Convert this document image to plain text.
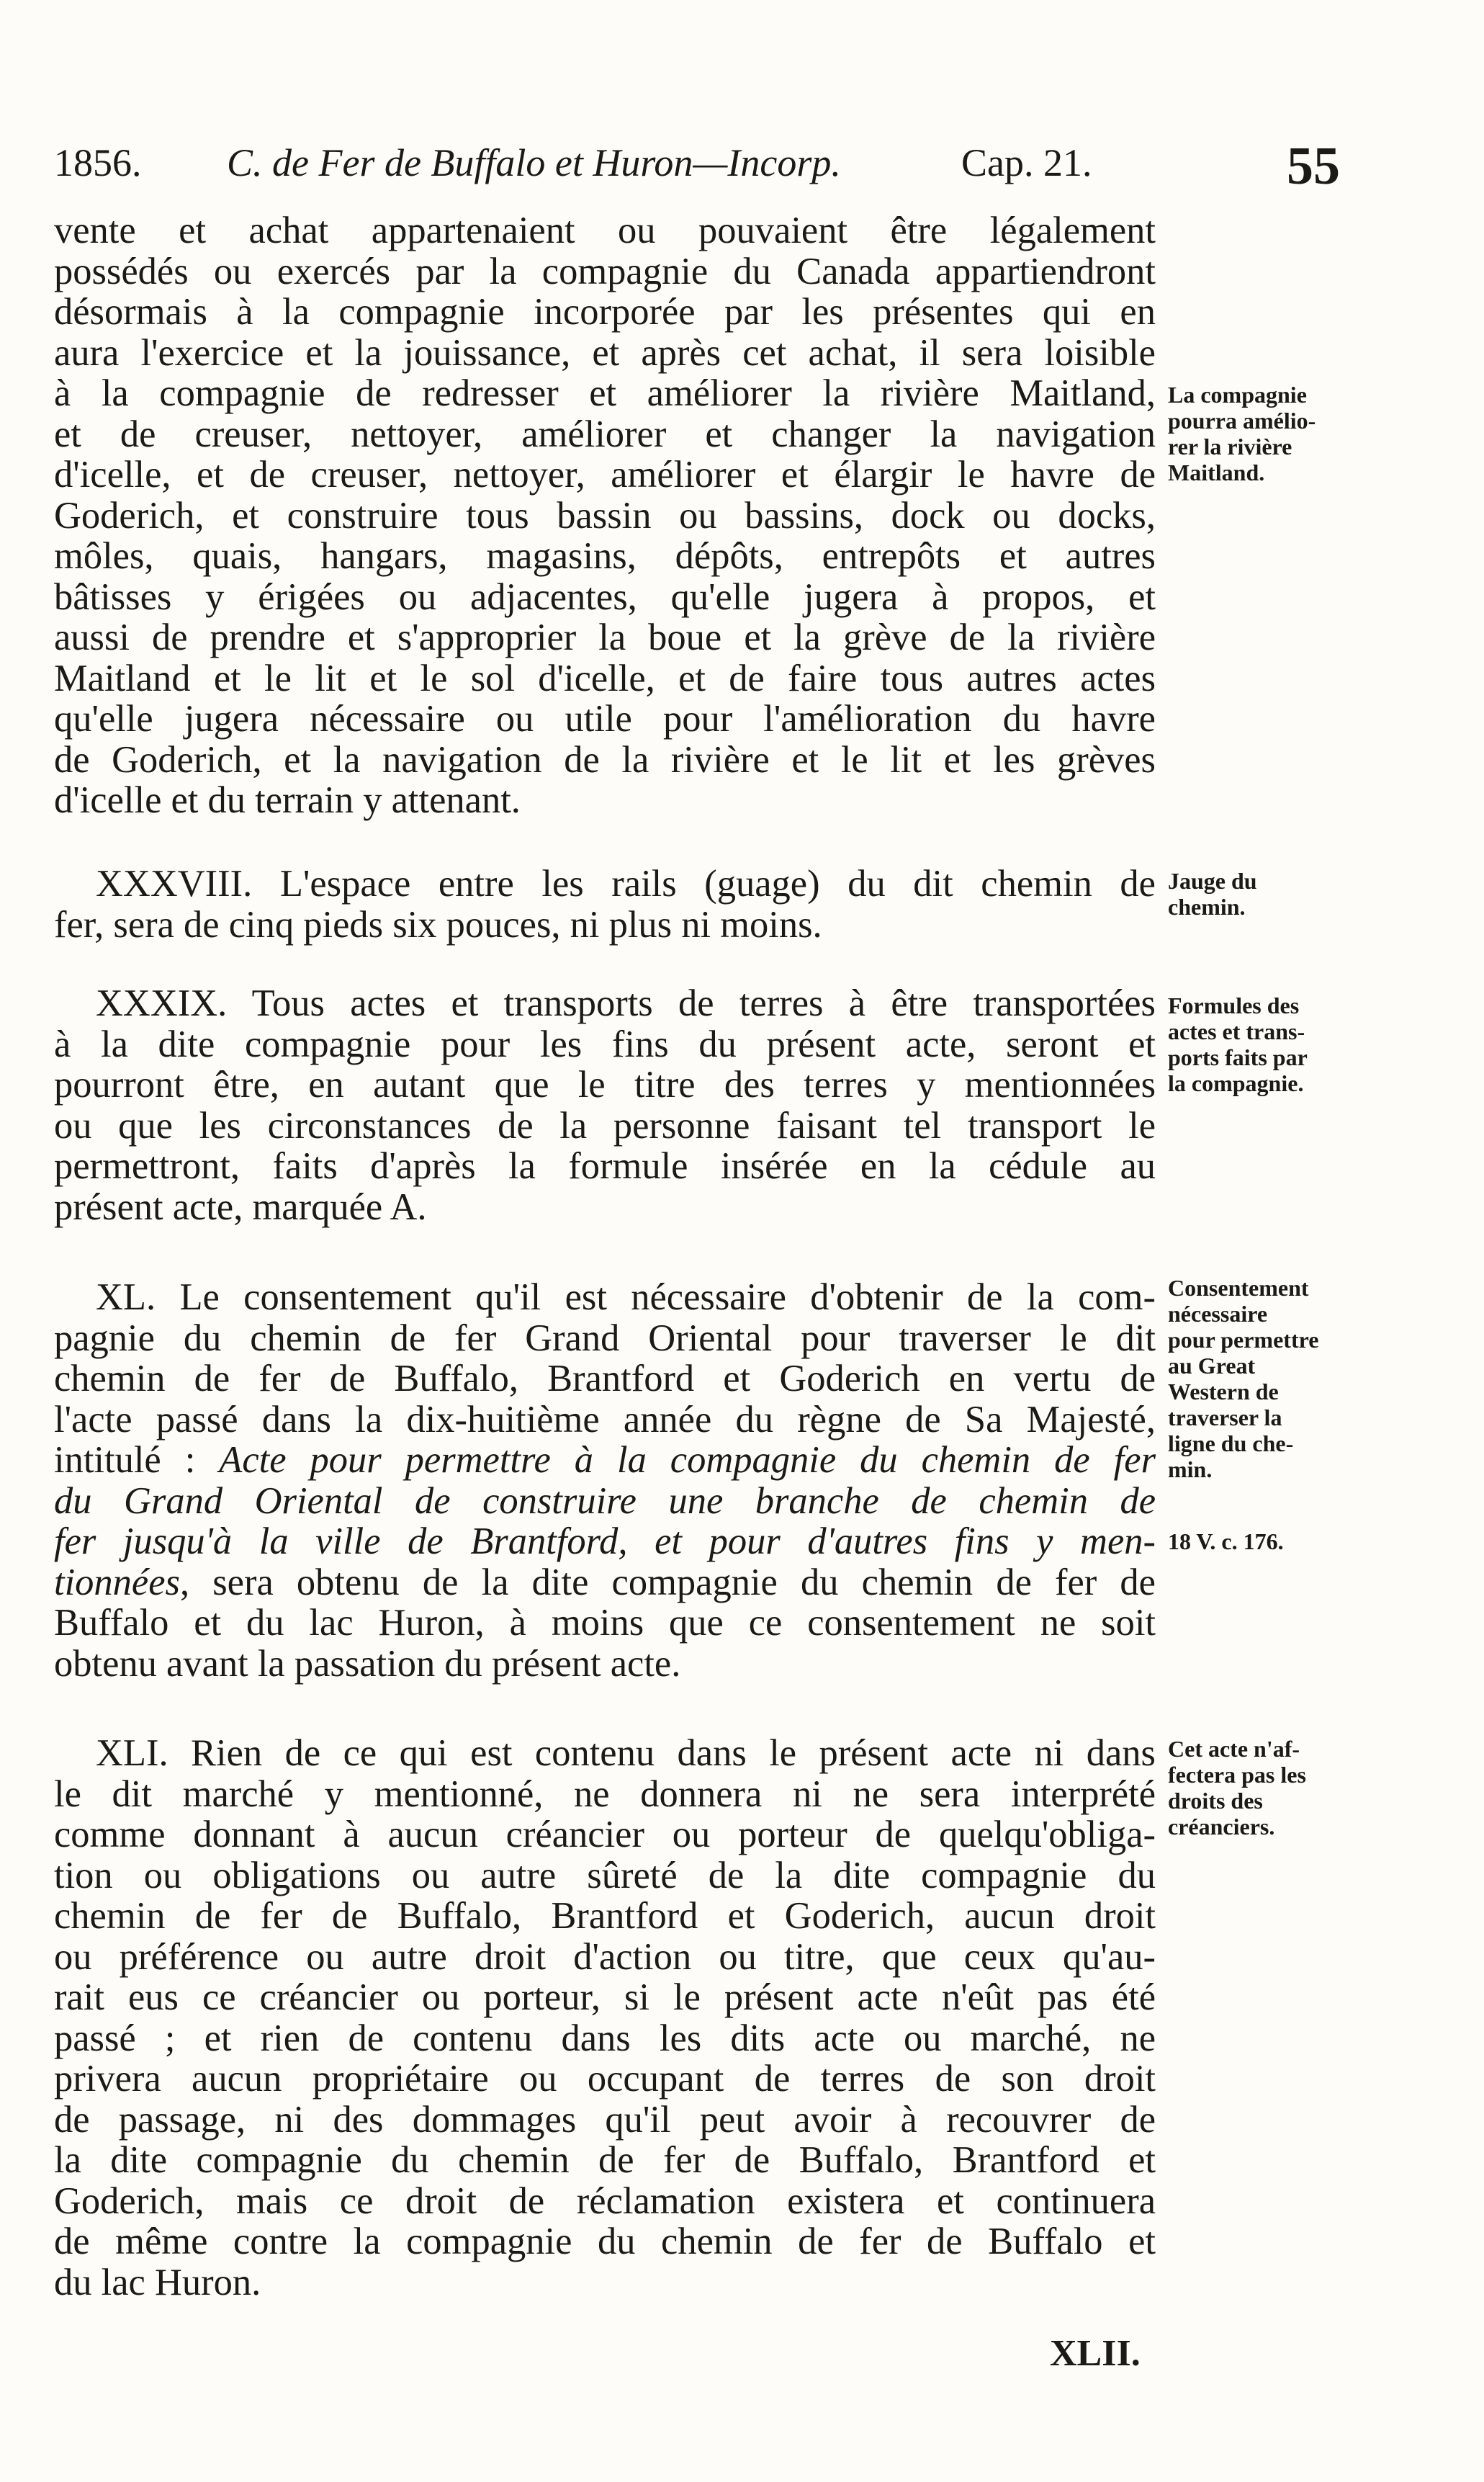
1856. C. de Fer de Buffalo et Huron—Incorp.	Cap. 21.	55

vente et achat appartenaient ou pouvaient être légalement

possédés ou exercés par la compagnie du Canada appartiendront

désormais à la compagnie incorporée par les présentes qui en

aura l'exercice et la jouissance, et après cet achat, il sera loisible

à la compagnie de redresser et améliorer la rivière Maitland,

et de creuser, nettoyer, améliorer et changer la navigation

d'icelle, et de creuser, nettoyer, améliorer et élargir le havre de

Goderich, et construire tous bassin ou bassins, dock ou docks,

môles, quais, hangars, magasins, dépôts, entrepôts et autres

bâtisses y érigées ou adjacentes, qu'elle jugera à propos, et

aussi de prendre et s'approprier la boue et la grève de la rivière

Maitland et le lit et le sol d'icelle, et de faire tous autres actes

qu'elle jugera nécessaire ou utile pour l'amélioration du havre

de Goderich, et la navigation de la rivière et le lit et les grèves

d'icelle et du terrain y attenant.

XXXVIII. L'espace entre les rails (guage) du dit chemin de

fer, sera de cinq pieds six pouces, ni plus ni moins.

XXXIX. Tous actes et transports de terres à être transportées

à la dite compagnie pour les fins du présent acte, seront et

pourront être, en autant que le titre des terres y mentionnées

ou que les circonstances de la personne faisant tel transport le

permettront, faits d'après la formule insérée en la cédule au

présent acte, marquée A.

XL. Le consentement qu'il est nécessaire d'obtenir de la com-

pagnie du chemin de fer Grand Oriental pour traverser le dit

chemin de fer de Buffalo, Brantford et Goderich en vertu de

l'acte passé dans la dix-huitième année du règne de Sa Majesté,

intitulé : Acte pour permettre à la compagnie du chemin de fer

du Grand Oriental de construire une branche de chemin de

fer jusqu'à la ville de Brantford, et pour d'autres fins y men-

tionnées, sera obtenu de la dite compagnie du chemin de fer de

Buffalo et du lac Huron, à moins que ce consentement ne soit

obtenu avant la passation du présent acte.

XLI. Rien de ce qui est contenu dans le présent acte ni dans

le dit marché y mentionné, ne donnera ni ne sera interprété

comme donnant à aucun créancier ou porteur de quelqu'obliga-

tion ou obligations ou autre sûreté de la dite compagnie du

chemin de fer de Buffalo, Brantford et Goderich, aucun droit

ou préférence ou autre droit d'action ou titre, que ceux qu'au-

rait eus ce créancier ou porteur, si le présent acte n'eût pas été

passé ; et rien de contenu dans les dits acte ou marché, ne

privera aucun propriétaire ou occupant de terres de son droit

de passage, ni des dommages qu'il peut avoir à recouvrer de

la dite compagnie du chemin de fer de Buffalo, Brantford et

Goderich, mais ce droit de réclamation existera et continuera

de même contre la compagnie du chemin de fer de Buffalo et

du lac Huron.

La compagnie
pourra amélio-
rer la rivière
Maitland.
Jauge du
chemin.
Formules des
actes et trans-
ports faits par
la compagnie.
Consentement
nécessaire
pour permettre
au Great
Western de
traverser la
ligne du che-
min.
18 V. c. 176.
Cet acte n'af-
fectera pas les
droits des
créanciers.
XLII.
